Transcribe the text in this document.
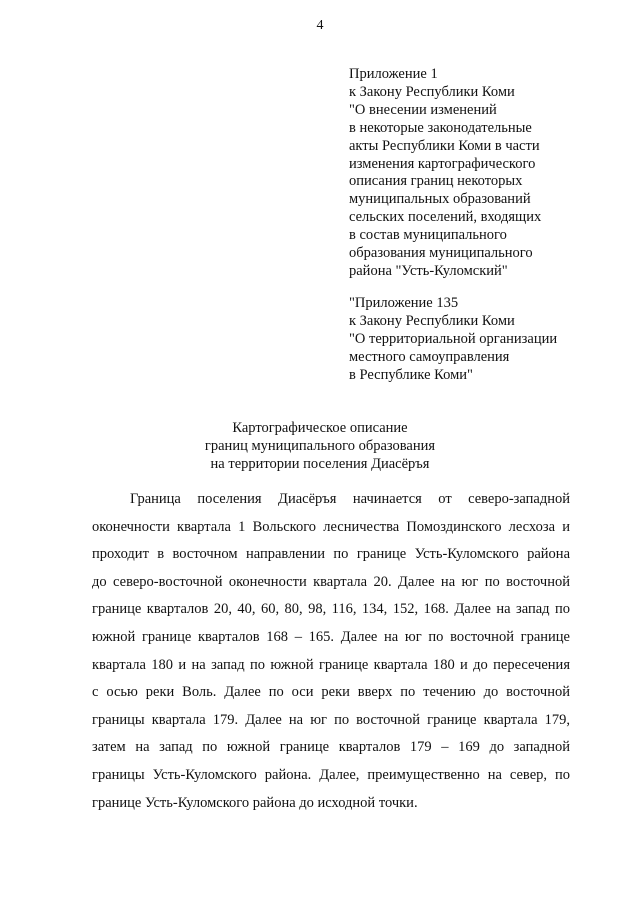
4
Приложение 1
к Закону Республики Коми
"О внесении изменений
в некоторые законодательные
акты Республики Коми в части
изменения картографического
описания границ некоторых
муниципальных образований
сельских поселений, входящих
в состав муниципального
образования муниципального
района "Усть-Куломский"
"Приложение 135
к Закону Республики Коми
"О территориальной организации
местного самоуправления
в Республике Коми"
Картографическое описание
границ муниципального образования
на территории поселения Диасёръя
Граница поселения Диасёръя начинается от северо-западной
оконечности квартала 1 Вольского лесничества Помоздинского лесхоза и
проходит в восточном направлении по границе Усть-Куломского района
до северо-восточной оконечности квартала 20. Далее на юг по восточной
границе кварталов 20, 40, 60, 80, 98, 116, 134, 152, 168. Далее на запад по
южной границе кварталов 168 – 165. Далее на юг по восточной границе
квартала 180 и на запад по южной границе квартала 180 и до пересечения
с осью реки Воль. Далее по оси реки вверх по течению до восточной
границы квартала 179. Далее на юг по восточной границе квартала 179,
затем на запад по южной границе кварталов 179 – 169 до западной
границы Усть-Куломского района. Далее, преимущественно на север, по
границе Усть-Куломского района до исходной точки.
